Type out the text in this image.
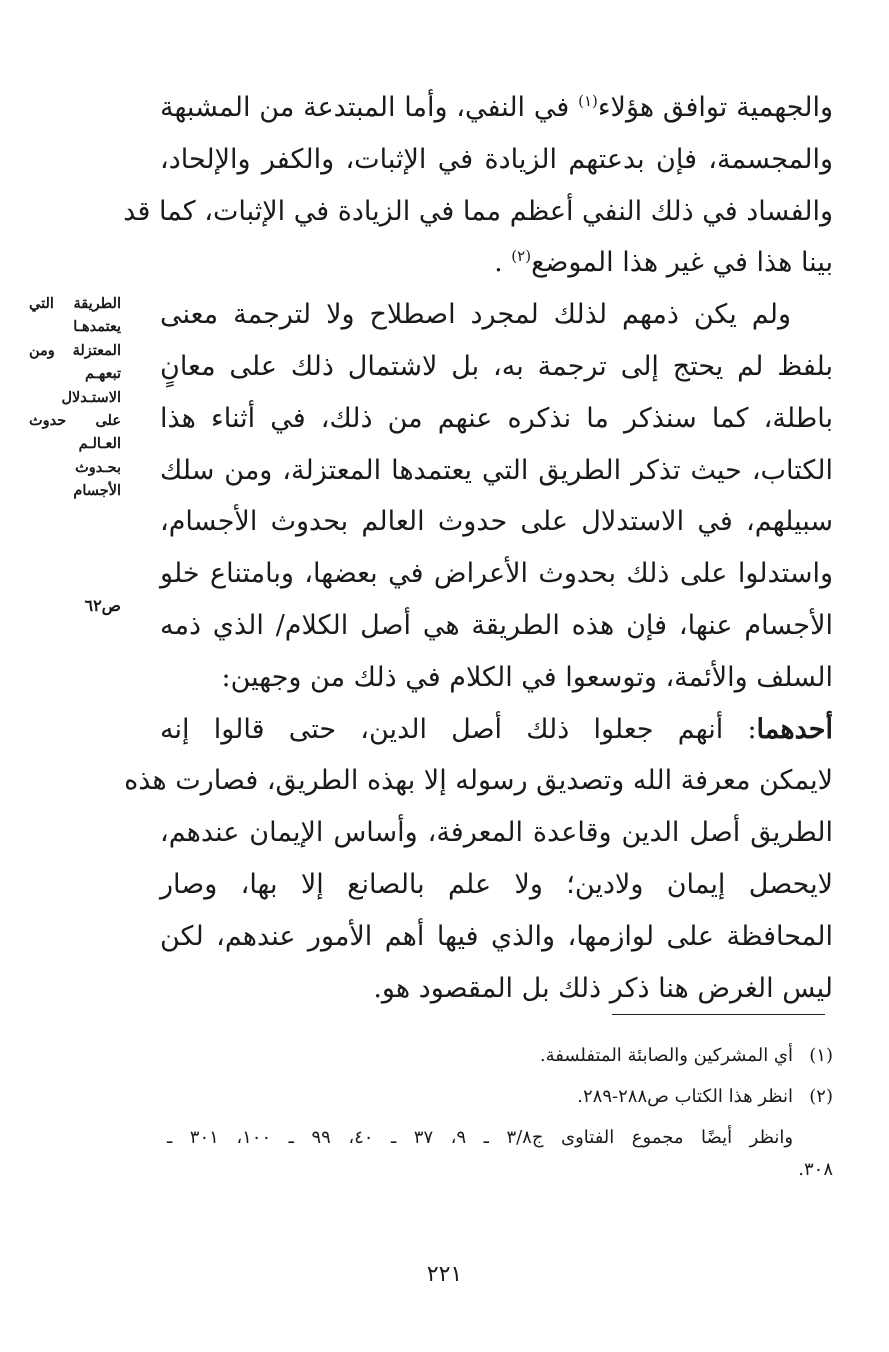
والجهمية توافق هؤلاء$^{(١)}$ في النفي، وأما المبتدعة من المشبهة
والمجسمة، فإن بدعتهم الزيادة في الإثبات، والكفر والإلحاد،
والفساد في ذلك النفي أعظم مما في الزيادة في الإثبات، كما قد
بينا هذا في غير هذا الموضع$^{(٢)}$ .

ولم يكن ذمهم لذلك لمجرد اصطلاح ولا لترجمة معنى
بلفظ لم يحتج إلى ترجمة به، بل لاشتمال ذلك على معانٍ
باطلة، كما سنذكر ما نذكره عنهم من ذلك، في أثناء هذا
الكتاب، حيث تذكر الطريق التي يعتمدها المعتزلة، ومن سلك
سبيلهم، في الاستدلال على حدوث العالم بحدوث الأجسام،
واستدلوا على ذلك بحدوث الأعراض في بعضها، وبامتناع خلو
الأجسام عنها، فإن هذه الطريقة هي أصل الكلام/ الذي ذمه
السلف والأئمة، وتوسعوا في الكلام في ذلك من وجهين:

أحدهما: أنهم جعلوا ذلك أصل الدين، حتى قالوا إنه
لايمكن معرفة الله وتصديق رسوله إلا بهذه الطريق، فصارت هذه
الطريق أصل الدين وقاعدة المعرفة، وأساس الإيمان عندهم،
لايحصل إيمان ولادين؛ ولا علم بالصانع إلا بها، وصار
المحافظة على لوازمها، والذي فيها أهم الأمور عندهم، لكن
ليس الغرض هنا ذكر ذلك بل المقصود هو.

الطريقة التي
يعتمدهـا
المعتزلة ومن
تبعهـم
الاستـدلال
على حدوث
العـالـم
بحـدوث
الأجسام
ص٦٢
(١)أي المشركين والصابئة المتفلسفة.
(٢)انظر هذا الكتاب ص٢٨٨-٢٨٩.
وانظر أيضًا مجموع الفتاوى ج٣/٨ ـ ٩، ٣٧ ـ ٤٠، ٩٩ ـ ١٠٠، ٣٠١ ـ
٣٠٨.
٢٢١
